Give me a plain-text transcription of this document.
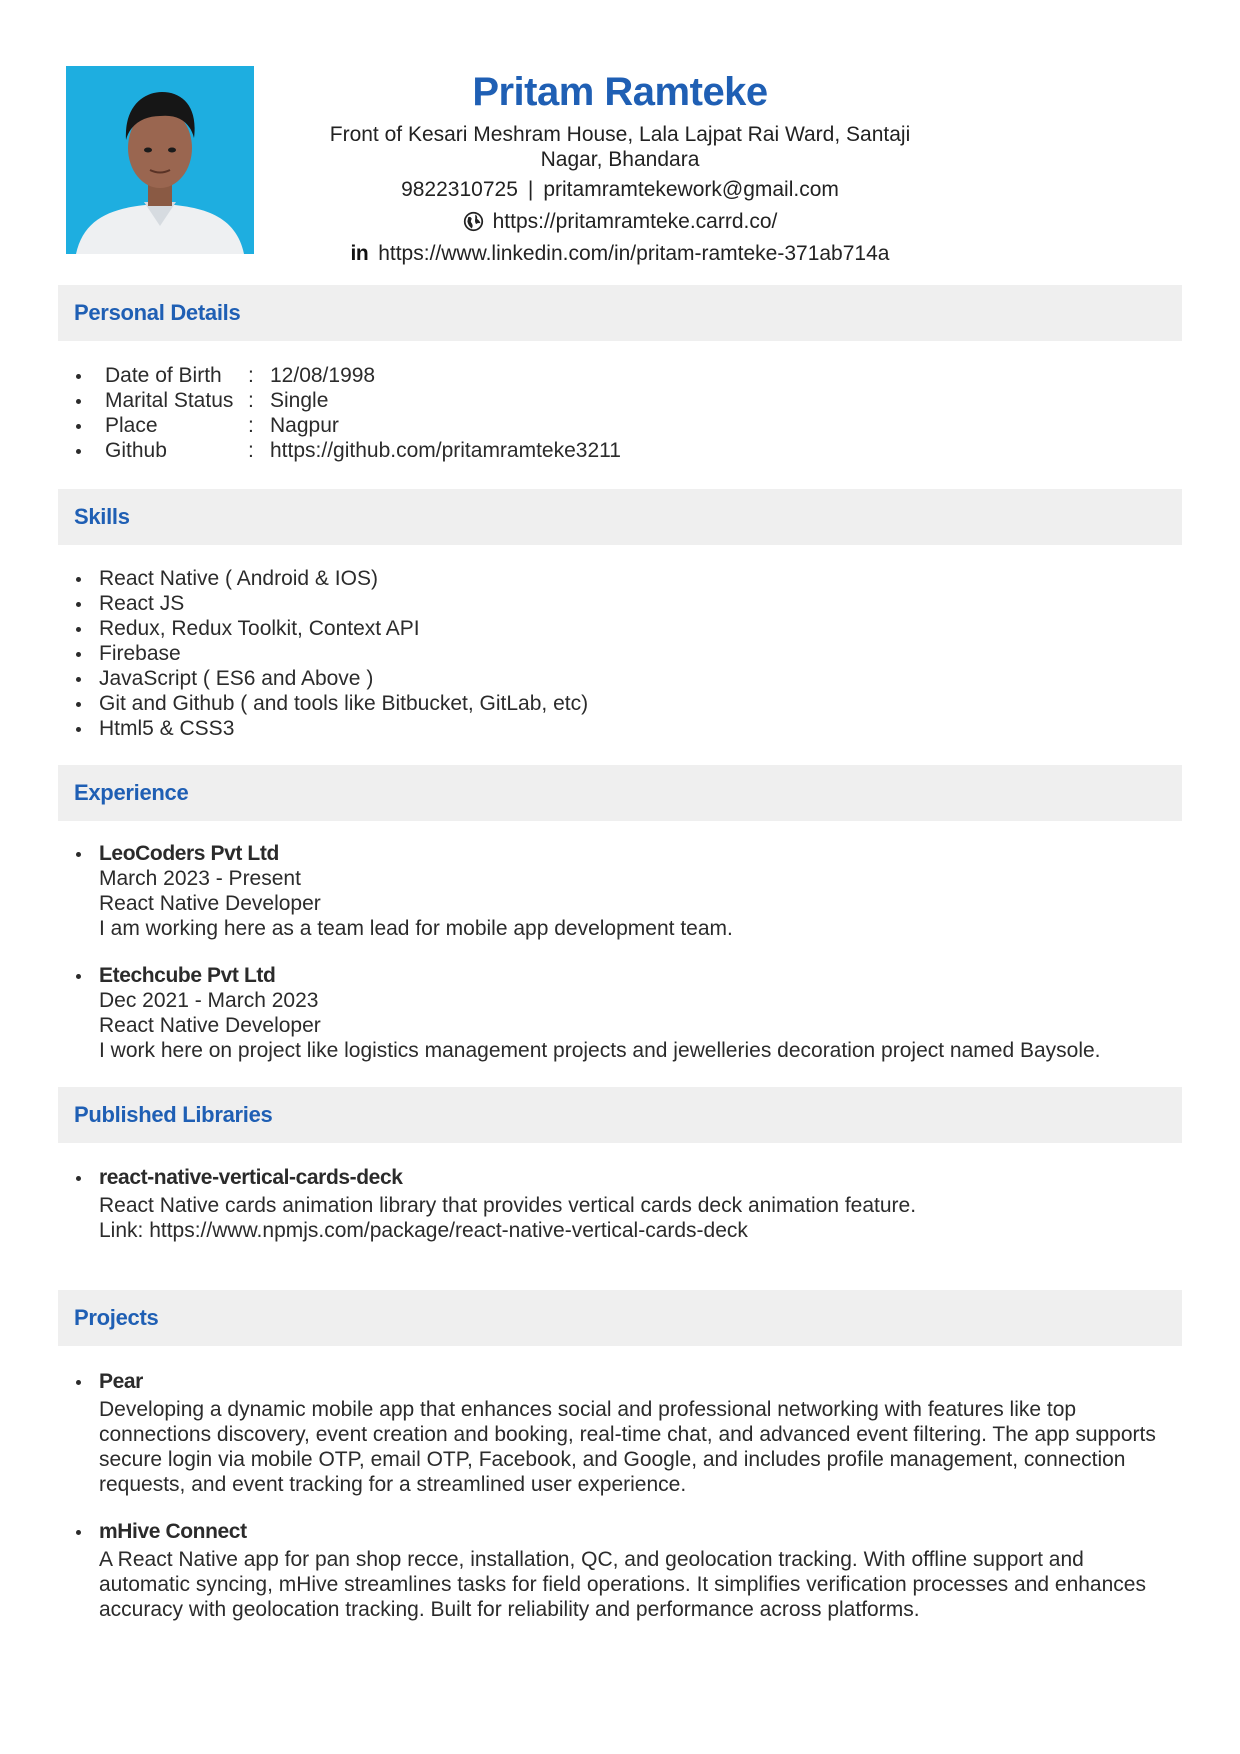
Pritam Ramteke
Front of Kesari Meshram House, Lala Lajpat Rai Ward, Santaji Nagar, Bhandara
9822310725 | pritamramtekework@gmail.com
https://pritamramteke.carrd.co/
in https://www.linkedin.com/in/pritam-ramteke-371ab714a
Personal Details
Date of Birth : 12/08/1998
Marital Status : Single
Place	: Nagpur
Github	: https://github.com/pritamramteke3211
Skills
React Native ( Android & IOS)
React JS
Redux, Redux Toolkit, Context API
Firebase
JavaScript ( ES6 and Above )
Git and Github ( and tools like Bitbucket, GitLab, etc)
Html5 & CSS3
Experience
LeoCoders Pvt Ltd
March 2023 - Present
React Native Developer
I am working here as a team lead for mobile app development team.
Etechcube Pvt Ltd
Dec 2021 - March 2023
React Native Developer
I work here on project like logistics management projects and jewelleries decoration project named Baysole.
Published Libraries
react-native-vertical-cards-deck
React Native cards animation library that provides vertical cards deck animation feature.
Link: https://www.npmjs.com/package/react-native-vertical-cards-deck
Projects
Pear
Developing a dynamic mobile app that enhances social and professional networking with features like top connections discovery, event creation and booking, real-time chat, and advanced event filtering. The app supports secure login via mobile OTP, email OTP, Facebook, and Google, and includes profile management, connection requests, and event tracking for a streamlined user experience.
mHive Connect
A React Native app for pan shop recce, installation, QC, and geolocation tracking. With offline support and automatic syncing, mHive streamlines tasks for field operations. It simplifies verification processes and enhances accuracy with geolocation tracking. Built for reliability and performance across platforms.
